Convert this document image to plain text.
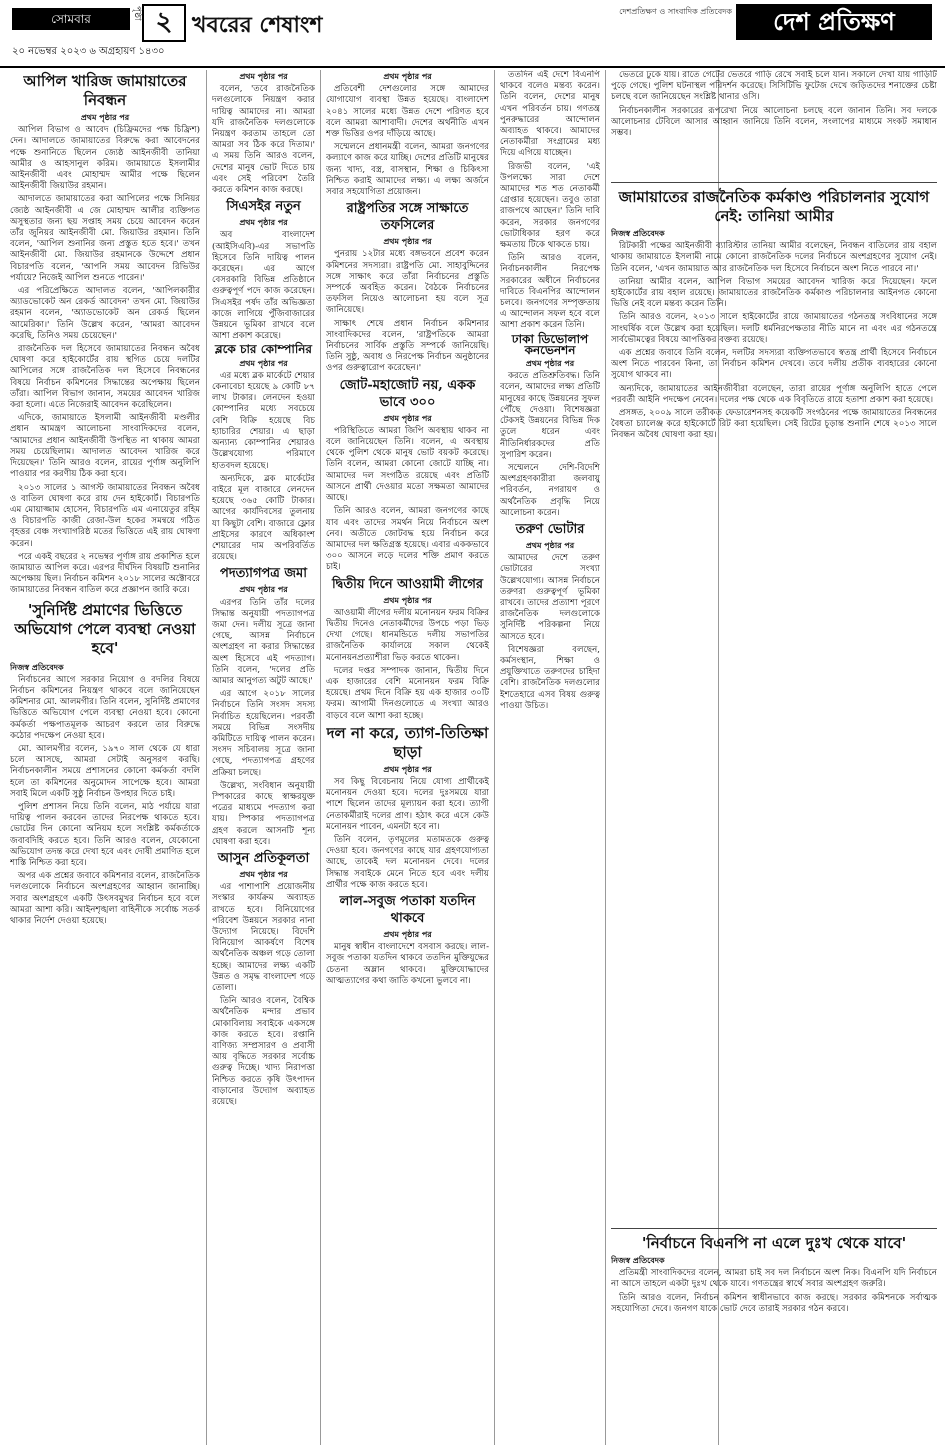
সোমবার	পৃষ্ঠা ২ খবরের শেষাংশ
দেশপ্রতিক্ষণ ও সাংবাদিক প্রতিবেদক	দেশ প্রতিক্ষণ
২০ নভেম্বর ২০২৩ ৬ অগ্রহায়ণ ১৪৩০
আপিল খারিজ জামায়াতের নিবন্ধন
প্রথম পৃষ্ঠার পর

আপিল বিভাগ ও আবেদ (চিফ্রিমদের পক্ষ চিফ্রিশ) দেন। আদালতে জামায়াতের বিরুদ্ধে করা আবেদনের পক্ষে শুনানিতে ছিলেন জ্যেষ্ঠ আইনজীবী তানিয়া আমীর ও আহসানুল করিম। জামায়াতে ইসলামীর আইনজীবী এবং মোহাম্মদ আমীর পক্ষে ছিলেন আইনজীবী জিয়াউর রহমান।

আদালতে জামায়াতের করা আপিলের পক্ষে সিনিয়র জ্যেষ্ঠ আইনজীবী এ জে মোহাম্মদ আলীর ব্যক্তিগত অসুস্থতার জন্য ছয় সপ্তাহ সময় চেয়ে আবেদন করেন তাঁর জুনিয়র আইনজীবী মো. জিয়াউর রহমান। তিনি বলেন, 'আপিল শুনানির জন্য প্রস্তুত হতে হবে।' তখন আইনজীবী মো. জিয়াউর রহমানকে উদ্দেশে প্রধান বিচারপতি বলেন, 'আপনি সময় আবেদন রিভিউর পর্যায়ে? নিজেই আপিল শুনতে পারেন।'

এর পরিপ্রেক্ষিতে আদালত বলেন, 'আপিলকারীর অ্যাডভোকেট অন রেকর্ড আবেদন' তখন মো. জিয়াউর রহমান বলেন, 'অ্যাডভোকেট অন রেকর্ড ছিলেন আমেরিকা।' তিনি উল্লেখ করেন, 'আমরা আবেদন করেছি, তিনিও সময় চেয়েছেন।'

রাজনৈতিক দল হিসেবে জামায়াতের নিবন্ধন অবৈধ ঘোষণা করে হাইকোর্টের রায় স্থগিত চেয়ে দলটির আপিলের সঙ্গে রাজনৈতিক দল হিসেবে নিবন্ধনের বিষয়ে নির্বাচন কমিশনের সিদ্ধান্তের অপেক্ষায় ছিলেন তাঁরা। আপিল বিভাগ জানান, সময়ের আবেদন খারিজ করা হলো। এতে নিজেরাই আবেদন করেছিলেন।

এদিকে, জামায়াতে ইসলামী আইনজীবী মণ্ডলীর প্রধান আমন্ত্রণ আলোচনা সাংবাদিকদের বলেন, 'আমাদের প্রধান আইনজীবী উপস্থিত না থাকায় আমরা সময় চেয়েছিলাম। আদালত আবেদন খারিজ করে দিয়েছেন।' তিনি আরও বলেন, রায়ের পূর্ণাঙ্গ অনুলিপি পাওয়ার পর করণীয় ঠিক করা হবে।

২০১৩ সালের ১ আগস্ট জামায়াতের নিবন্ধন অবৈধ ও বাতিল ঘোষণা করে রায় দেন হাইকোর্ট। বিচারপতি এম মোয়াজ্জাম হোসেন, বিচারপতি এম এনায়েতুর রহিম ও বিচারপতি কাজী রেজা-উল হকের সমন্বয়ে গঠিত বৃহত্তর বেঞ্চ সংখ্যাগরিষ্ঠ মতের ভিত্তিতে এই রায় ঘোষণা করেন।

পরে একই বছরের ২ নভেম্বর পূর্ণাঙ্গ রায় প্রকাশিত হলে জামায়াত আপিল করে। এরপর দীর্ঘদিন বিষয়টি শুনানির অপেক্ষায় ছিল। নির্বাচন কমিশন ২০১৮ সালের অক্টোবরে জামায়াতের নিবন্ধন বাতিল করে প্রজ্ঞাপন জারি করে।

'সুনির্দিষ্ট প্রমাণের ভিত্তিতে অভিযোগ পেলে ব্যবস্থা নেওয়া হবে'
নিজস্ব প্রতিবেদক

নির্বাচনের আগে সরকার নিয়োগ ও বদলির বিষয়ে নির্বাচন কমিশনের নিয়ন্ত্রণ থাকবে বলে জানিয়েছেন কমিশনার মো. আলমগীর। তিনি বলেন, সুনির্দিষ্ট প্রমাণের ভিত্তিতে অভিযোগ পেলে ব্যবস্থা নেওয়া হবে। কোনো কর্মকর্তা পক্ষপাতমূলক আচরণ করলে তার বিরুদ্ধে কঠোর পদক্ষেপ নেওয়া হবে।

মো. আলমগীর বলেন, ১৯৭০ সাল থেকে যে ধারা চলে আসছে, আমরা সেটাই অনুসরণ করছি। নির্বাচনকালীন সময়ে প্রশাসনের কোনো কর্মকর্তা বদলি হলে তা কমিশনের অনুমোদন সাপেক্ষে হবে। আমরা সবাই মিলে একটি সুষ্ঠু নির্বাচন উপহার দিতে চাই।

পুলিশ প্রশাসন নিয়ে তিনি বলেন, মাঠ পর্যায়ে যারা দায়িত্ব পালন করবেন তাদের নিরপেক্ষ থাকতে হবে। ভোটের দিন কোনো অনিয়ম হলে সংশ্লিষ্ট কর্মকর্তাকে জবাবদিহি করতে হবে। তিনি আরও বলেন, যেকোনো অভিযোগ তদন্ত করে দেখা হবে এবং দোষী প্রমাণিত হলে শাস্তি নিশ্চিত করা হবে।

অপর এক প্রশ্নের জবাবে কমিশনার বলেন, রাজনৈতিক দলগুলোকে নির্বাচনে অংশগ্রহণের আহ্বান জানাচ্ছি। সবার অংশগ্রহণে একটি উৎসবমুখর নির্বাচন হবে বলে আমরা আশা করি। আইনশৃঙ্খলা বাহিনীকে সর্বোচ্চ সতর্ক থাকার নির্দেশ দেওয়া হয়েছে।

প্রথম পৃষ্ঠার পর

বলেন, 'তবে রাজনৈতিক দলগুলোকে নিয়ন্ত্রণ করার দায়িত্ব আমাদের না। আমরা যদি রাজনৈতিক দলগুলোকে নিয়ন্ত্রণ করতাম তাহলে তো আমরা সব ঠিক করে দিতাম।' এ সময় তিনি আরও বলেন, দেশের মানুষ ভোট দিতে চায় এবং সেই পরিবেশ তৈরি করতে কমিশন কাজ করছে।

সিএসইর নতুন
প্রথম পৃষ্ঠার পর

অব বাংলাদেশ (আইসিএবি)-এর সভাপতি হিসেবে তিনি দায়িত্ব পালন করেছেন। এর আগে বেসরকারি বিভিন্ন প্রতিষ্ঠানে গুরুত্বপূর্ণ পদে কাজ করেছেন। সিএসইর পর্ষদ তাঁর অভিজ্ঞতা কাজে লাগিয়ে পুঁজিবাজারের উন্নয়নে ভূমিকা রাখবে বলে আশা প্রকাশ করেছে।

ব্লকে চার কোম্পানির
প্রথম পৃষ্ঠার পর

এর মধ্যে ব্লক মার্কেটে শেয়ার কেনাবেচা হয়েছে ৯ কোটি ৮৭ লাখ টাকার। লেনদেন হওয়া কোম্পানির মধ্যে সবচেয়ে বেশি বিক্রি হয়েছে বিচ হ্যাচারির শেয়ার। এ ছাড়া অন্যান্য কোম্পানির শেয়ারও উল্লেখযোগ্য পরিমাণে হাতবদল হয়েছে।

অন্যদিকে, ব্লক মার্কেটের বাইরে মূল বাজারে লেনদেন হয়েছে ৩৬৫ কোটি টাকার। আগের কার্যদিবসের তুলনায় যা কিছুটা বেশি। বাজারে ফ্লোর প্রাইসের কারণে অধিকাংশ শেয়ারের দাম অপরিবর্তিত রয়েছে।

পদত্যাগপত্র জমা
প্রথম পৃষ্ঠার পর

এরপর তিনি তাঁর দলের সিদ্ধান্ত অনুযায়ী পদত্যাগপত্র জমা দেন। দলীয় সূত্রে জানা গেছে, আসন্ন নির্বাচনে অংশগ্রহণ না করার সিদ্ধান্তের অংশ হিসেবে এই পদত্যাগ। তিনি বলেন, 'দলের প্রতি আমার আনুগত্য অটুট আছে।'

এর আগে ২০১৮ সালের নির্বাচনে তিনি সংসদ সদস্য নির্বাচিত হয়েছিলেন। পরবর্তী সময়ে বিভিন্ন সংসদীয় কমিটিতে দায়িত্ব পালন করেন। সংসদ সচিবালয় সূত্রে জানা গেছে, পদত্যাগপত্র গ্রহণের প্রক্রিয়া চলছে।

উল্লেখ্য, সংবিধান অনুযায়ী স্পিকারের কাছে স্বাক্ষরযুক্ত পত্রের মাধ্যমে পদত্যাগ করা যায়। স্পিকার পদত্যাগপত্র গ্রহণ করলে আসনটি শূন্য ঘোষণা করা হবে।

আসুন প্রতিকূলতা
প্রথম পৃষ্ঠার পর

এর পাশাপাশি প্রয়োজনীয় সংস্কার কার্যক্রম অব্যাহত রাখতে হবে। বিনিয়োগের পরিবেশ উন্নয়নে সরকার নানা উদ্যোগ নিয়েছে। বিদেশি বিনিয়োগ আকর্ষণে বিশেষ অর্থনৈতিক অঞ্চল গড়ে তোলা হচ্ছে। আমাদের লক্ষ্য একটি উন্নত ও সমৃদ্ধ বাংলাদেশ গড়ে তোলা।

তিনি আরও বলেন, বৈশ্বিক অর্থনৈতিক মন্দার প্রভাব মোকাবিলায় সবাইকে একসঙ্গে কাজ করতে হবে। রপ্তানি বাণিজ্য সম্প্রসারণ ও প্রবাসী আয় বৃদ্ধিতে সরকার সর্বোচ্চ গুরুত্ব দিচ্ছে। খাদ্য নিরাপত্তা নিশ্চিত করতে কৃষি উৎপাদন বাড়ানোর উদ্যোগ অব্যাহত রয়েছে।

প্রথম পৃষ্ঠার পর

প্রতিবেশী দেশগুলোর সঙ্গে আমাদের যোগাযোগ ব্যবস্থা উন্নত হয়েছে। বাংলাদেশ ২০৪১ সালের মধ্যে উন্নত দেশে পরিণত হবে বলে আমরা আশাবাদী। দেশের অর্থনীতি এখন শক্ত ভিত্তির ওপর দাঁড়িয়ে আছে।

সম্মেলনে প্রধানমন্ত্রী বলেন, আমরা জনগণের কল্যাণে কাজ করে যাচ্ছি। দেশের প্রতিটি মানুষের জন্য খাদ্য, বস্ত্র, বাসস্থান, শিক্ষা ও চিকিৎসা নিশ্চিত করাই আমাদের লক্ষ্য। এ লক্ষ্য অর্জনে সবার সহযোগিতা প্রয়োজন।

রাষ্ট্রপতির সঙ্গে সাক্ষাতে তফসিলের
প্রথম পৃষ্ঠার পর

পুনরায় ১২টার মধ্যে বঙ্গভবনে প্রবেশ করেন কমিশনের সদস্যরা। রাষ্ট্রপতি মো. সাহাবুদ্দিনের সঙ্গে সাক্ষাৎ করে তাঁরা নির্বাচনের প্রস্তুতি সম্পর্কে অবহিত করেন। বৈঠকে নির্বাচনের তফসিল নিয়েও আলোচনা হয় বলে সূত্র জানিয়েছে।

সাক্ষাৎ শেষে প্রধান নির্বাচন কমিশনার সাংবাদিকদের বলেন, 'রাষ্ট্রপতিকে আমরা নির্বাচনের সার্বিক প্রস্তুতি সম্পর্কে জানিয়েছি। তিনি সুষ্ঠু, অবাধ ও নিরপেক্ষ নির্বাচন অনুষ্ঠানের ওপর গুরুত্বারোপ করেছেন।'

জোট-মহাজোট নয়, একক ভাবে ৩০০
প্রথম পৃষ্ঠার পর

পরিস্থিতিতে আমরা জিপি অবস্থায় থাকব না বলে জানিয়েছেন তিনি। বলেন, এ অবস্থায় থেকে পুলিশ থেকে মানুষ ভোট বয়কট করেছে। তিনি বলেন, আমরা কোনো জোটে যাচ্ছি না। আমাদের দল সংগঠিত রয়েছে এবং প্রতিটি আসনে প্রার্থী দেওয়ার মতো সক্ষমতা আমাদের আছে।

তিনি আরও বলেন, আমরা জনগণের কাছে যাব এবং তাদের সমর্থন নিয়ে নির্বাচনে অংশ নেব। অতীতে জোটবদ্ধ হয়ে নির্বাচন করে আমাদের দল ক্ষতিগ্রস্ত হয়েছে। এবার এককভাবে ৩০০ আসনে লড়ে দলের শক্তি প্রমাণ করতে চাই।

দ্বিতীয় দিনে আওয়ামী লীগের
প্রথম পৃষ্ঠার পর

আওয়ামী লীগের দলীয় মনোনয়ন ফরম বিক্রির দ্বিতীয় দিনেও নেতাকর্মীদের উপচে পড়া ভিড় দেখা গেছে। ধানমন্ডিতে দলীয় সভাপতির রাজনৈতিক কার্যালয়ে সকাল থেকেই মনোনয়নপ্রত্যাশীরা ভিড় করতে থাকেন।

দলের দপ্তর সম্পাদক জানান, দ্বিতীয় দিনে এক হাজারের বেশি মনোনয়ন ফরম বিক্রি হয়েছে। প্রথম দিনে বিক্রি হয় এক হাজার ৩০টি ফরম। আগামী দিনগুলোতে এ সংখ্যা আরও বাড়বে বলে আশা করা হচ্ছে।

দল না করে, ত্যাগ-তিতিক্ষা ছাড়া
প্রথম পৃষ্ঠার পর

সব কিছু বিবেচনায় নিয়ে যোগ্য প্রার্থীকেই মনোনয়ন দেওয়া হবে। দলের দুঃসময়ে যারা পাশে ছিলেন তাদের মূল্যায়ন করা হবে। ত্যাগী নেতাকর্মীরাই দলের প্রাণ। হঠাৎ করে এসে কেউ মনোনয়ন পাবেন, এমনটা হবে না।

তিনি বলেন, তৃণমূলের মতামতকে গুরুত্ব দেওয়া হবে। জনগণের কাছে যার গ্রহণযোগ্যতা আছে, তাকেই দল মনোনয়ন দেবে। দলের সিদ্ধান্ত সবাইকে মেনে নিতে হবে এবং দলীয় প্রার্থীর পক্ষে কাজ করতে হবে।

লাল-সবুজ পতাকা যতদিন থাকবে
প্রথম পৃষ্ঠার পর

মানুষ স্বাধীন বাংলাদেশে বসবাস করছে। লাল-সবুজ পতাকা যতদিন থাকবে ততদিন মুক্তিযুদ্ধের চেতনা অম্লান থাকবে। মুক্তিযোদ্ধাদের আত্মত্যাগের কথা জাতি কখনো ভুলবে না।

ততদিন এই দেশে বিএনপি থাকবে বলেও মন্তব্য করেন। তিনি বলেন, দেশের মানুষ এখন পরিবর্তন চায়। গণতন্ত্র পুনরুদ্ধারের আন্দোলন অব্যাহত থাকবে। আমাদের নেতাকর্মীরা সংগ্রামের মধ্য দিয়ে এগিয়ে যাচ্ছেন।

রিজভী বলেন, 'এই উপলক্ষ্যে সারা দেশে আমাদের শত শত নেতাকর্মী গ্রেপ্তার হয়েছেন। তবুও তারা রাজপথে আছেন।' তিনি দাবি করেন, সরকার জনগণের ভোটাধিকার হরণ করে ক্ষমতায় টিকে থাকতে চায়।

তিনি আরও বলেন, নির্বাচনকালীন নিরপেক্ষ সরকারের অধীনে নির্বাচনের দাবিতে বিএনপির আন্দোলন চলবে। জনগণের সম্পৃক্ততায় এ আন্দোলন সফল হবে বলে আশা প্রকাশ করেন তিনি।

ঢাকা ডিভোলাপ কনভেনশন
প্রথম পৃষ্ঠার পর

করতে প্রতিশ্রুতিবদ্ধ। তিনি বলেন, আমাদের লক্ষ্য প্রতিটি মানুষের কাছে উন্নয়নের সুফল পৌঁছে দেওয়া। বিশেষজ্ঞরা টেকসই উন্নয়নের বিভিন্ন দিক তুলে ধরেন এবং নীতিনির্ধারকদের প্রতি সুপারিশ করেন।

সম্মেলনে দেশি-বিদেশি অংশগ্রহণকারীরা জলবায়ু পরিবর্তন, নগরায়ণ ও অর্থনৈতিক প্রবৃদ্ধি নিয়ে আলোচনা করেন।

তরুণ ভোটার
প্রথম পৃষ্ঠার পর

আমাদের দেশে তরুণ ভোটারের সংখ্যা উল্লেখযোগ্য। আসন্ন নির্বাচনে তরুণরা গুরুত্বপূর্ণ ভূমিকা রাখবে। তাদের প্রত্যাশা পূরণে রাজনৈতিক দলগুলোকে সুনির্দিষ্ট পরিকল্পনা নিয়ে আসতে হবে।

বিশেষজ্ঞরা বলছেন, কর্মসংস্থান, শিক্ষা ও প্রযুক্তিখাতে তরুণদের চাহিদা বেশি। রাজনৈতিক দলগুলোর ইশতেহারে এসব বিষয় গুরুত্ব পাওয়া উচিত।

ভেতরে ঢুকে যায়। রাতে গেটের ভেতরে গাড়ি রেখে সবাই চলে যান। সকালে দেখা যায় গাড়িটি পুড়ে গেছে। পুলিশ ঘটনাস্থল পরিদর্শন করেছে। সিসিটিভি ফুটেজ দেখে জড়িতদের শনাক্তের চেষ্টা চলছে বলে জানিয়েছেন সংশ্লিষ্ট থানার ওসি।

নির্বাচনকালীন সরকারের রূপরেখা নিয়ে আলোচনা চলছে বলে জানান তিনি। সব দলকে আলোচনার টেবিলে আসার আহ্বান জানিয়ে তিনি বলেন, সংলাপের মাধ্যমে সংকট সমাধান সম্ভব।

জামায়াতের রাজনৈতিক কর্মকাণ্ড পরিচালনার সুযোগ নেই: তানিয়া আমীর
নিজস্ব প্রতিবেদক

রিটকারী পক্ষের আইনজীবী ব্যারিস্টার তানিয়া আমীর বলেছেন, নিবন্ধন বাতিলের রায় বহাল থাকায় জামায়াতে ইসলামী নামে কোনো রাজনৈতিক দলের নির্বাচনে অংশগ্রহণের সুযোগ নেই। তিনি বলেন, 'এখন জামায়াত আর রাজনৈতিক দল হিসেবে নির্বাচনে অংশ নিতে পারবে না।'

তানিয়া আমীর বলেন, আপিল বিভাগ সময়ের আবেদন খারিজ করে দিয়েছেন। ফলে হাইকোর্টের রায় বহাল রয়েছে। জামায়াতের রাজনৈতিক কর্মকাণ্ড পরিচালনার আইনগত কোনো ভিত্তি নেই বলে মন্তব্য করেন তিনি।

তিনি আরও বলেন, ২০১৩ সালে হাইকোর্টের রায়ে জামায়াতের গঠনতন্ত্র সংবিধানের সঙ্গে সাংঘর্ষিক বলে উল্লেখ করা হয়েছিল। দলটি ধর্মনিরপেক্ষতার নীতি মানে না এবং এর গঠনতন্ত্রে সার্বভৌমত্বের বিষয়ে আপত্তিকর বক্তব্য রয়েছে।

এক প্রশ্নের জবাবে তিনি বলেন, দলটির সদস্যরা ব্যক্তিগতভাবে স্বতন্ত্র প্রার্থী হিসেবে নির্বাচনে অংশ নিতে পারবেন কিনা, তা নির্বাচন কমিশন দেখবে। তবে দলীয় প্রতীক ব্যবহারের কোনো সুযোগ থাকবে না।

অন্যদিকে, জামায়াতের আইনজীবীরা বলেছেন, তারা রায়ের পূর্ণাঙ্গ অনুলিপি হাতে পেলে পরবর্তী আইনি পদক্ষেপ নেবেন। দলের পক্ষ থেকে এক বিবৃতিতে রায়ে হতাশা প্রকাশ করা হয়েছে।

প্রসঙ্গত, ২০০৯ সালে তরীকত ফেডারেশনসহ কয়েকটি সংগঠনের পক্ষে জামায়াতের নিবন্ধনের বৈধতা চ্যালেঞ্জ করে হাইকোর্টে রিট করা হয়েছিল। সেই রিটের চূড়ান্ত শুনানি শেষে ২০১৩ সালে নিবন্ধন অবৈধ ঘোষণা করা হয়।

'নির্বাচনে বিএনপি না এলে দুঃখ থেকে যাবে'
নিজস্ব প্রতিবেদক

প্রতিমন্ত্রী সাংবাদিকদের বলেন, আমরা চাই সব দল নির্বাচনে অংশ নিক। বিএনপি যদি নির্বাচনে না আসে তাহলে একটা দুঃখ থেকে যাবে। গণতন্ত্রের স্বার্থে সবার অংশগ্রহণ জরুরি।

তিনি আরও বলেন, নির্বাচন কমিশন স্বাধীনভাবে কাজ করছে। সরকার কমিশনকে সর্বাত্মক সহযোগিতা দেবে। জনগণ যাকে ভোট দেবে তারাই সরকার গঠন করবে।
